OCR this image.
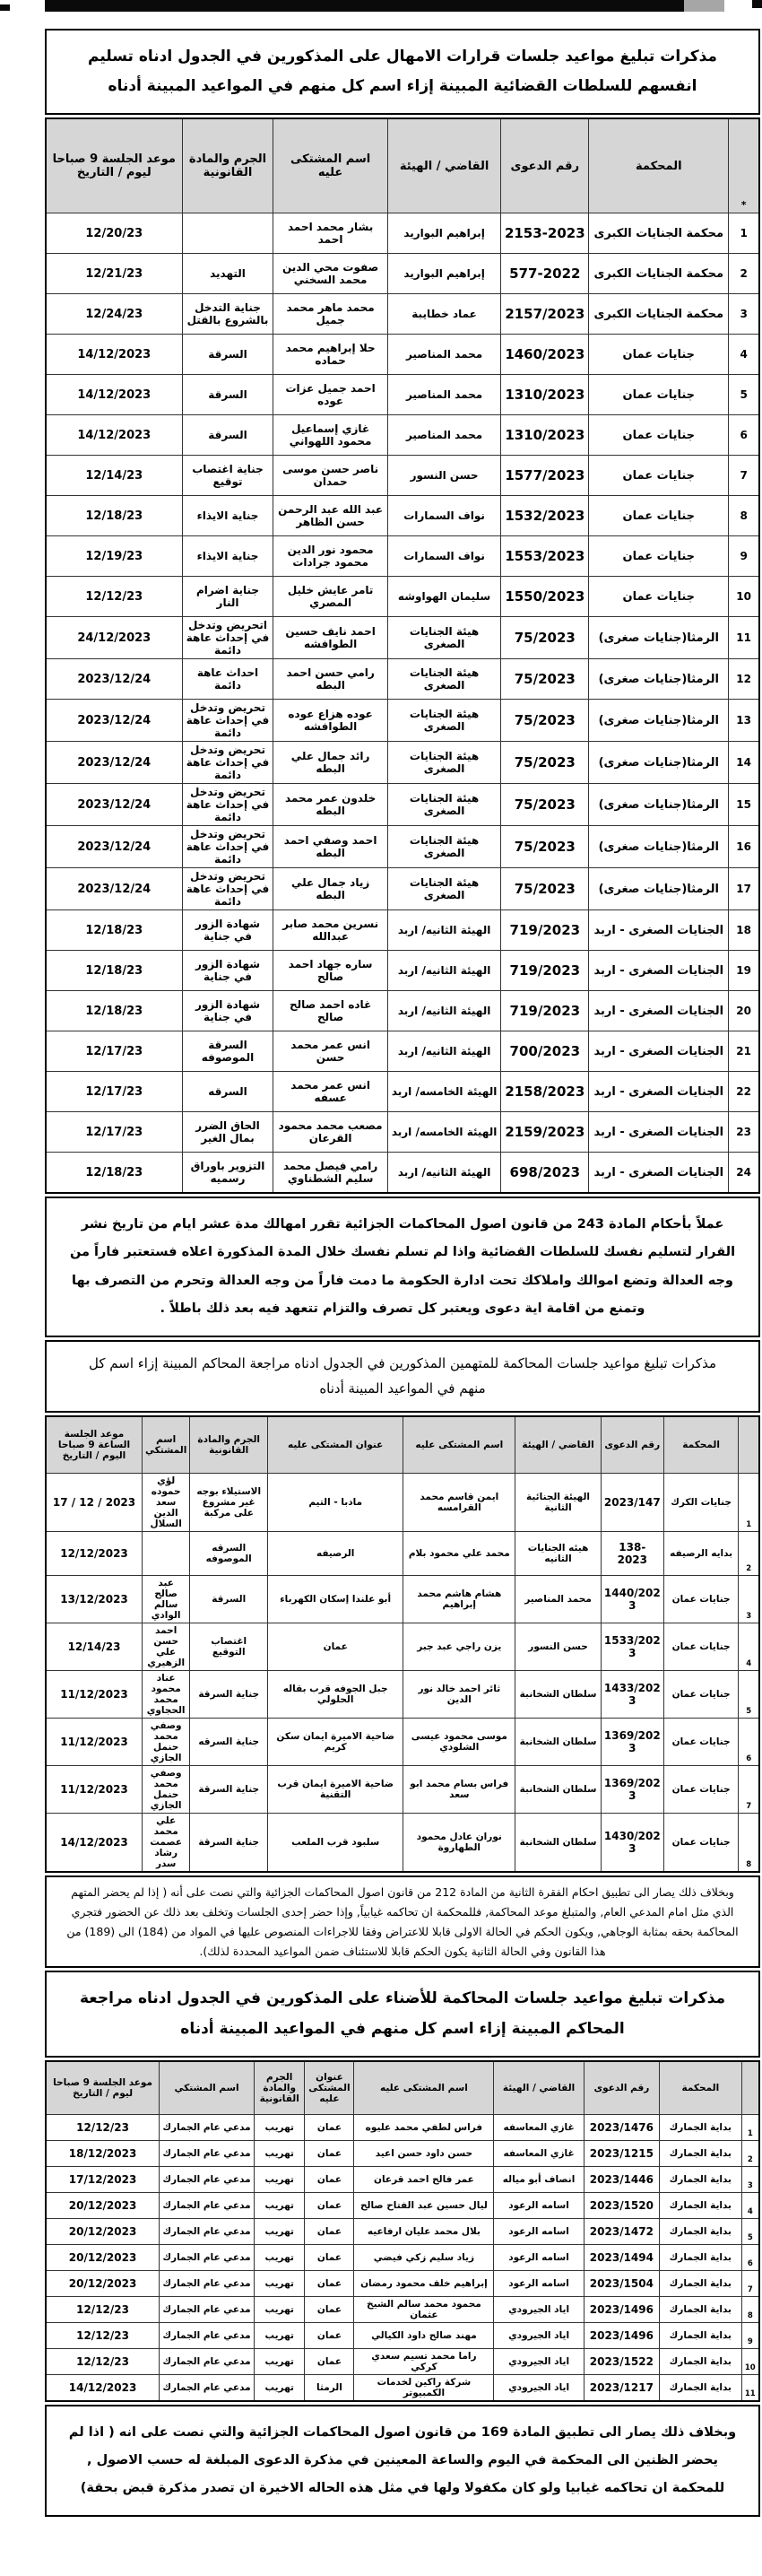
مذكرات تبليغ مواعيد جلسات قرارات الامهال على المذكورين في الجدول ادناه تسليم انفسهم للسلطات القضائية المبينة إزاء اسم كل منهم في المواعيد المبينة أدناه
*	المحكمة	رقم الدعوى	القاضي / الهيئة	اسم المشتكى عليه	الجرم والمادة القانونية	موعد الجلسة 9 صباحا ليوم / التاريخ
1	محكمة الجنايات الكبرى	2153-2023	إبراهيم البواريد	بشار محمد احمد احمد		12/20/23
2	محكمة الجنايات الكبرى	577-2022	إبراهيم البواريد	صفوت محي الدين محمد السخني	التهديد	12/21/23
3	محكمة الجنايات الكبرى	2157/2023	عماد خطايبة	محمد ماهر محمد جميل	جناية التدخل بالشروع بالقتل	12/24/23
4	جنايات عمان	1460/2023	محمد المناصير	حلا إبراهيم محمد حماده	السرقة	14/12/2023
5	جنايات عمان	1310/2023	محمد المناصير	احمد جميل عزات عوده	السرقة	14/12/2023
6	جنايات عمان	1310/2023	محمد المناصير	غازي إسماعيل محمود اللهواني	السرقة	14/12/2023
7	جنايات عمان	1577/2023	حسن النسور	ناصر حسن موسى حمدان	جناية اغتصاب توقيع	12/14/23
8	جنايات عمان	1532/2023	نواف السمارات	عبد الله عبد الرحمن حسن الظاهر	جناية الايذاء	12/18/23
9	جنايات عمان	1553/2023	نواف السمارات	محمود نور الدين محمود جرادات	جناية الايذاء	12/19/23
10	جنايات عمان	1550/2023	سليمان الهواوشه	تامر عايش خليل المصري	جناية اضرام النار	12/12/23
11	الرمثا(جنايات صغرى)	75/2023	هيئة الجنايات الصغرى	احمد نايف حسين الطوافشه	اتحريض وتدخل في إحداث عاهة دائمة	24/12/2023
12	الرمثا(جنايات صغرى)	75/2023	هيئة الجنايات الصغرى	رامي حسن احمد البطه	احداث عاهة دائمة	2023/12/24
13	الرمثا(جنايات صغرى)	75/2023	هيئة الجنايات الصغرى	عوده هزاع عوده الطوافشه	تحريض وتدخل في إحداث عاهة دائمة	2023/12/24
14	الرمثا(جنايات صغرى)	75/2023	هيئة الجنايات الصغرى	رائد جمال علي البطه	تحريض وتدخل في إحداث عاهة دائمة	2023/12/24
15	الرمثا(جنايات صغرى)	75/2023	هيئة الجنايات الصغرى	خلدون عمر محمد البطه	تحريض وتدخل في إحداث عاهة دائمة	2023/12/24
16	الرمثا(جنايات صغرى)	75/2023	هيئة الجنايات الصغرى	احمد وصفي احمد البطه	تحريض وتدخل في إحداث عاهة دائمة	2023/12/24
17	الرمثا(جنايات صغرى)	75/2023	هيئة الجنايات الصغرى	زياد جمال علي البطه	تحريض وتدخل في إحداث عاهة دائمة	2023/12/24
18	الجنايات الصغرى - اربد	719/2023	الهيئة الثانيه/ اربد	نسرين محمد صابر عبدالله	شهادة الزور في جناية	12/18/23
19	الجنايات الصغرى - اربد	719/2023	الهيئة الثانيه/ اربد	ساره جهاد احمد صالح	شهادة الزور في جناية	12/18/23
20	الجنايات الصغرى - اربد	719/2023	الهيئة الثانيه/ اربد	غاده احمد صالح صالح	شهادة الزور في جناية	12/18/23
21	الجنايات الصغرى - اربد	700/2023	الهيئة الثانيه/ اربد	انس عمر محمد حسن	السرقة الموصوفه	12/17/23
22	الجنايات الصغرى - اربد	2158/2023	الهيئة الخامسه/ اربد	انس عمر محمد عسفه	السرقه	12/17/23
23	الجنايات الصغرى - اربد	2159/2023	الهيئة الخامسه/ اربد	مصعب محمد محمود القرعان	الحاق الضرر بمال الغير	12/17/23
24	الجنايات الصغرى - اربد	698/2023	الهيئة الثانيه/ اربد	رامي فيصل محمد سليم الشطناوي	التزوير باوراق رسميه	12/18/23
عملاً بأحكام المادة 243 من قانون اصول المحاكمات الجزائية تقرر امهالك مدة عشر ايام من تاريخ نشر القرار لتسليم نفسك للسلطات القضائية واذا لم تسلم نفسك خلال المدة المذكورة اعلاه فستعتبر فاراً من وجه العدالة وتضع اموالك واملاكك تحت ادارة الحكومة ما دمت فاراً من وجه العدالة وتحرم من التصرف بها وتمنع من اقامة اية دعوى ويعتبر كل تصرف والتزام تتعهد فيه بعد ذلك باطلاً .
مذكرات تبليغ مواعيد جلسات المحاكمة للمتهمين المذكورين في الجدول ادناه مراجعة المحاكم المبينة إزاء اسم كل منهم في المواعيد المبينة أدناه
	المحكمة	رقم الدعوى	القاضي / الهيئة	اسم المشتكى عليه	عنوان المشتكى عليه	الجرم والمادة القانونية	اسم المشتكي	موعد الجلسة الساعة 9 صباحا اليوم / التاريخ
1	جنايات الكرك	2023/147	الهيئة الجنائية الثانية	ايمن قاسم محمد القرامسه	مادبا - التيم	الاستيلاء بوجه غير مشروع على مركبة	لؤي حموده سعد الدين السلال	17 / 12 / 2023
2	بدايه الرصيفه	138-2023	هيئه الجنايات الثانيه	محمد علي محمود بلام	الرصيفه	السرقه الموصوفه		12/12/2023
3	جنايات عمان	1440/2023	محمد المناصير	هشام هاشم محمد إبراهيم	أبو علندا إسكان الكهرباء	السرقة	عبد صالح سالم الوادي	13/12/2023
4	جنايات عمان	1533/2023	حسن النسور	يزن راجي عبد جبر	عمان	اغتصاب التوقيع	احمد حسن علي الزهيري	12/14/23
5	جنايات عمان	1433/2023	سلطان الشخانبة	ثائر احمد خالد نور الدين	جبل الجوفه قرب بقاله الحلولي	جناية السرقة	عناد محمود محمد الحجاوي	11/12/2023
6	جنايات عمان	1369/2023	سلطان الشخانبة	موسى محمود عيسى الشلودي	ضاحية الاميرة ايمان سكن كريم	جناية السرقه	وصفي محمد حنمل الجازي	11/12/2023
7	جنايات عمان	1369/2023	سلطان الشخانبة	فراس بسام محمد ابو سعد	ضاحية الاميرة ايمان قرب التقنية	جناية السرقة	وصفي محمد حنمل الجازي	11/12/2023
8	جنايات عمان	1430/2023	سلطان الشخانبة	نوران عادل محمود الطهاروة	سلبود قرب الملعب	جناية السرقة	علي محمد عصمت رشاد سدر	14/12/2023
وبخلاف ذلك يصار الى تطبيق احكام الفقرة الثانية من المادة 212 من قانون اصول المحاكمات الجزائية والتي نصت على أنه ( إذا لم يحضر المتهم الذي مثل امام المدعي العام, والمتبلغ موعد المحاكمة, فللمحكمة ان تحاكمه غيابياً, وإذا حضر إحدى الجلسات وتخلف بعد ذلك عن الحضور فتجري المحاكمة بحقه بمثابة الوجاهي, ويكون الحكم في الحالة الاولى قابلا للاعتراض وفقا للاجراءات المنصوص عليها في المواد من (184) الى (189) من هذا القانون وفي الحالة الثانية يكون الحكم قابلا للاستئناف ضمن المواعيد المحددة لذلك).
مذكرات تبليغ مواعيد جلسات المحاكمة للأضناء على المذكورين في الجدول ادناه مراجعة المحاكم المبينة إزاء اسم كل منهم في المواعيد المبينة أدناه
	المحكمة	رقم الدعوى	القاضي / الهيئة	اسم المشتكى عليه	عنوان المشتكى عليه	الجرم والمادة القانونية	اسم المشتكي	موعد الجلسة 9 صباحا ليوم / التاريخ
1	بداية الجمارك	2023/1476	غازي المعاسفه	فراس لطفي محمد عليوه	عمان	تهريب	مدعي عام الجمارك	12/12/23
2	بداية الجمارك	2023/1215	غازي المعاسفه	حسن داود حسن اعيد	عمان	تهريب	مدعي عام الجمارك	18/12/2023
3	بداية الجمارك	2023/1446	انصاف أبو مياله	عمر فالح احمد قرعان	عمان	تهريب	مدعي عام الجمارك	17/12/2023
4	بداية الجمارك	2023/1520	اسامه الرعود	ليال حسين عبد الفتاح صالح	عمان	تهريب	مدعي عام الجمارك	20/12/2023
5	بداية الجمارك	2023/1472	اسامه الرعود	بلال محمد عليان ارفاعيه	عمان	تهريب	مدعي عام الجمارك	20/12/2023
6	بداية الجمارك	2023/1494	اسامه الرعود	زياد سليم زكي فيضي	عمان	تهريب	مدعي عام الجمارك	20/12/2023
7	بداية الجمارك	2023/1504	اسامه الرعود	إبراهيم خلف محمود رمضان	عمان	تهريب	مدعي عام الجمارك	20/12/2023
8	بداية الجمارك	2023/1496	اياد الجيرودي	محمود محمد سالم الشيخ عثمان	عمان	تهريب	مدعي عام الجمارك	12/12/23
9	بداية الجمارك	2023/1496	اياد الجيرودي	مهند صالح داود الكيالي	عمان	تهريب	مدعي عام الجمارك	12/12/23
10	بداية الجمارك	2023/1522	اياد الجيرودي	راما محمد تسيم سعدي كركي	عمان	تهريب	مدعي عام الجمارك	12/12/23
11	بداية الجمارك	2023/1217	اياد الجيرودي	شركة راكين لخدمات الكمبيوتر	الرمثا	تهريب	مدعي عام الجمارك	14/12/2023
وبخلاف ذلك يصار الى تطبيق المادة 169 من قانون اصول المحاكمات الجزائية والتي نصت على انه ( اذا لم يحضر الظنين الى المحكمة في اليوم والساعة المعينين في مذكرة الدعوى المبلغة له حسب الاصول , للمحكمة ان تحاكمه غيابيا ولو كان مكفولا ولها في مثل هذه الحاله الاخيرة ان تصدر مذكرة قبض بحقة)
